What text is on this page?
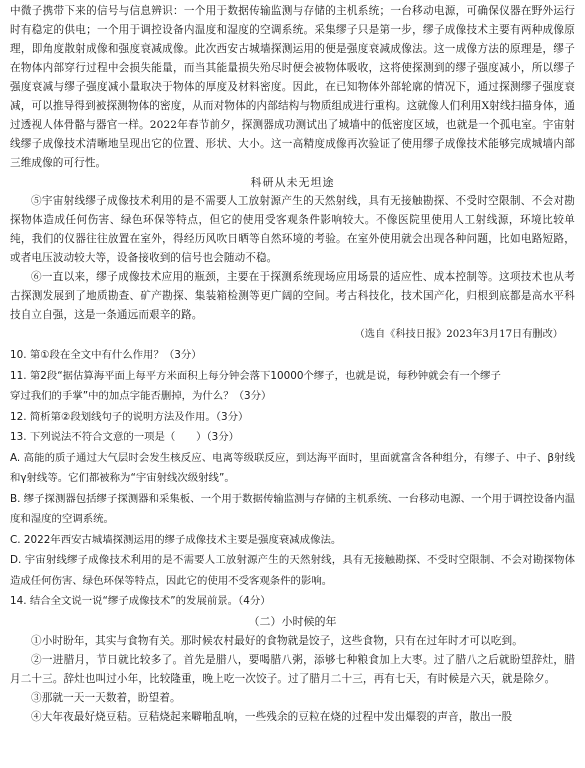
中微子携带下来的信号与信息辨识：一个用于数据传输监测与存储的主机系统；一台移动电源，可确保仪器在野外运行时有稳定的供电；一个用于调控设备内温度和湿度的空调系统。采集缪子只是第一步，缪子成像技术主要有两种成像原理，即角度散射成像和强度衰减成像。此次西安古城墙探测运用的便是强度衰减成像法。这一成像方法的原理是，缪子在物体内部穿行过程中会损失能量，而当其能量损失殆尽时便会被物体吸收，这将使探测到的缪子强度减小，所以缪子强度衰减与缪子强度减小量取决于物体的厚度及材料密度。因此，在已知物体外部轮廓的情况下，通过探测缪子强度衰减，可以推导得到被探测物体的密度，从而对物体的内部结构与物质组成进行重构。这就像人们利用X射线扫描身体，通过透视人体骨骼与器官一样。2022年春节前夕，探测器成功测试出了城墙中的低密度区域，也就是一个孤电室。宇宙射线缪子成像技术清晰地呈现出它的位置、形状、大小。这一高精度成像再次验证了使用缪子成像技术能够完成城墙内部三维成像的可行性。

科研从未无坦途

⑤宇宙射线缪子成像技术利用的是不需要人工放射源产生的天然射线，具有无接触勘探、不受时空限制、不会对勘探物体造成任何伤害、绿色环保等特点，但它的使用受客观条件影响较大。不像医院里使用人工射线源，环境比较单纯，我们的仪器往往放置在室外，得经历风吹日晒等自然环境的考验。在室外使用就会出现各种问题，比如电路短路，或者电压波动较大等，设备接收到的信号也会随动不稳。

⑥一直以来，缪子成像技术应用的瓶颈，主要在于探测系统现场应用场景的适应性、成本控制等。这项技术也从考古探测发展到了地质勘查、矿产勘探、集装箱检测等更广阔的空间。考古科技化，技术国产化，归根到底都是高水平科技自立自强，这是一条通远而艰辛的路。

（选自《科技日报》2023年3月17日有删改）

10. 第①段在全文中有什么作用？（3分）

11. 第2段“据估算海平面上每平方米面积上每分钟会落下10000个缪子，也就是说，每秒钟就会有一个缪子

穿过我们的手掌”中的加点字能否删掉，为什么？（3分）

12. 简析第②段划线句子的说明方法及作用。（3分）

13. 下列说法不符合文意的一项是（　　）（3分）

A. 高能的质子通过大气层时会发生核反应、电离等级联反应，到达海平面时，里面就富含各种组分，有缪子、中子、β射线和γ射线等。它们都被称为“宇宙射线次级射线”。

B. 缪子探测器包括缪子探测器和采集板、一个用于数据传输监测与存储的主机系统、一台移动电源、一个用于调控设备内温度和湿度的空调系统。

C. 2022年西安古城墙探测运用的缪子成像技术主要是强度衰减成像法。

D. 宇宙射线缪子成像技术利用的是不需要人工放射源产生的天然射线，具有无接触勘探、不受时空限制、不会对勘探物体造成任何伤害、绿色环保等特点，因此它的使用不受客观条件的影响。

14. 结合全文说一说“缪子成像技术”的发展前景。（4分）

（二）小时候的年

①小时盼年，其实与食物有关。那时候农村最好的食物就是饺子，这些食物，只有在过年时才可以吃到。

②一进腊月，节日就比较多了。首先是腊八，要喝腊八粥，添够七种粮食加上大枣。过了腊八之后就盼望辞灶，腊月二十三。辞灶也叫过小年，比较隆重，晚上吃一次饺子。过了腊月二十三，再有七天，有时候是六天，就是除夕。

③那就一天一天数着，盼望着。

④大年夜最好烧豆秸。豆秸烧起来噼啪乱响，一些残余的豆粒在烧的过程中发出爆裂的声音，散出一股
